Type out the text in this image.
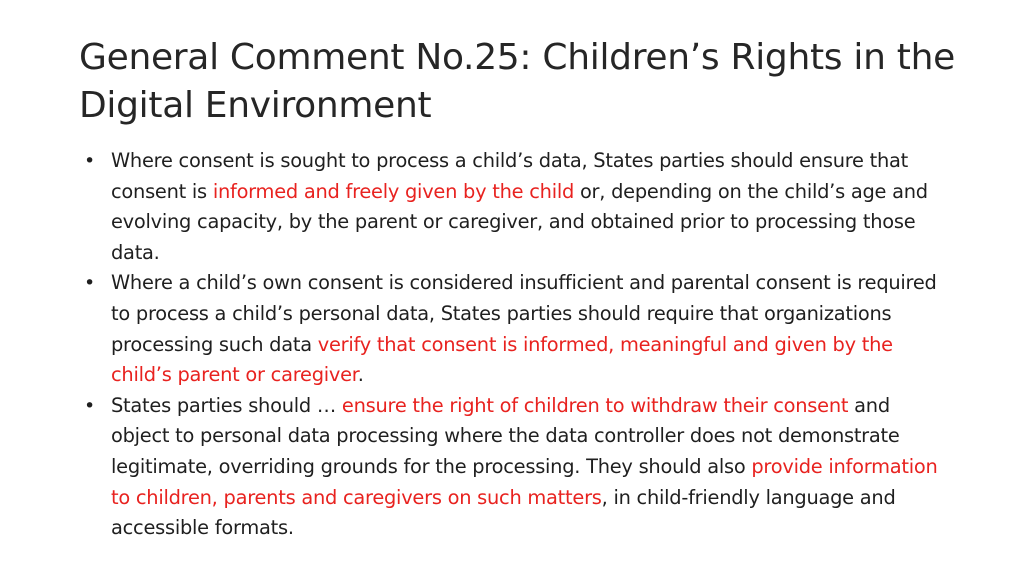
General Comment No.25: Children’s Rights in the Digital Environment
• Where consent is sought to process a child’s data, States parties should ensure that consent is informed and freely given by the child or, depending on the child’s age and evolving capacity, by the parent or caregiver, and obtained prior to processing those data.
• Where a child’s own consent is considered insufficient and parental consent is required to process a child’s personal data, States parties should require that organizations processing such data verify that consent is informed, meaningful and given by the child’s parent or caregiver.
• States parties should … ensure the right of children to withdraw their consent and object to personal data processing where the data controller does not demonstrate legitimate, overriding grounds for the processing. They should also provide information to children, parents and caregivers on such matters, in child-friendly language and accessible formats.
